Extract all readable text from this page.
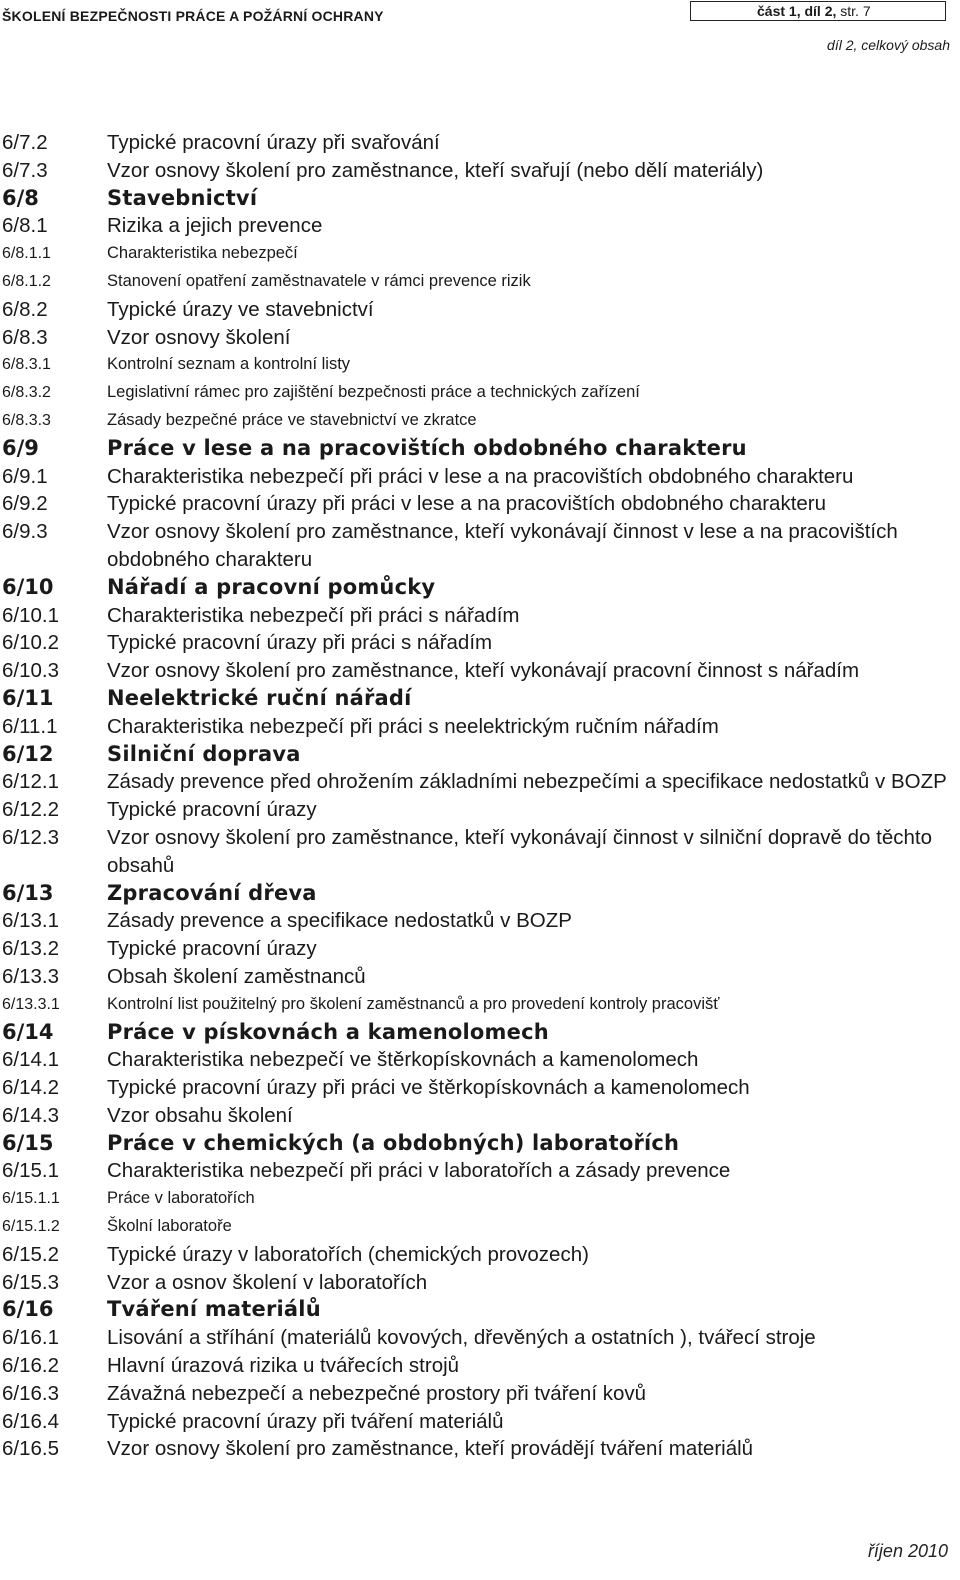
ŠKOLENÍ BEZPEČNOSTI PRÁCE A POŽÁRNÍ OCHRANY	část 1, díl 2, str. 7
díl 2, celkový obsah
6/7.2	Typické pracovní úrazy při svařování
6/7.3	Vzor osnovy školení pro zaměstnance, kteří svařují (nebo dělí materiály)
6/8	Stavebnictví
6/8.1	Rizika a jejich prevence
6/8.1.1	Charakteristika nebezpečí
6/8.1.2	Stanovení opatření zaměstnavatele v rámci prevence rizik
6/8.2	Typické úrazy ve stavebnictví
6/8.3	Vzor osnovy školení
6/8.3.1	Kontrolní seznam a kontrolní listy
6/8.3.2	Legislativní rámec pro zajištění bezpečnosti práce a technických zařízení
6/8.3.3	Zásady bezpečné práce ve stavebnictví ve zkratce
6/9	Práce v lese a na pracovištích obdobného charakteru
6/9.1	Charakteristika nebezpečí při práci v lese a na pracovištích obdobného charakteru
6/9.2	Typické pracovní úrazy při práci v lese a na pracovištích obdobného charakteru
6/9.3	Vzor osnovy školení pro zaměstnance, kteří vykonávají činnost v lese a na pracovištích obdobného charakteru
6/10	Nářadí a pracovní pomůcky
6/10.1	Charakteristika nebezpečí při práci s nářadím
6/10.2	Typické pracovní úrazy při práci s nářadím
6/10.3	Vzor osnovy školení pro zaměstnance, kteří vykonávají pracovní činnost s nářadím
6/11	Neelektrické ruční nářadí
6/11.1	Charakteristika nebezpečí při práci s neelektrickým ručním nářadím
6/12	Silniční doprava
6/12.1	Zásady prevence před ohrožením základními nebezpečími a specifikace nedostatků v BOZP
6/12.2	Typické pracovní úrazy
6/12.3	Vzor osnovy školení pro zaměstnance, kteří vykonávají činnost v silniční dopravě do těchto obsahů
6/13	Zpracování dřeva
6/13.1	Zásady prevence a specifikace nedostatků v BOZP
6/13.2	Typické pracovní úrazy
6/13.3	Obsah školení zaměstnanců
6/13.3.1	Kontrolní list použitelný pro školení zaměstnanců a pro provedení kontroly pracovišť
6/14	Práce v pískovnách a kamenolomech
6/14.1	Charakteristika nebezpečí ve štěrkopískovnách a kamenolomech
6/14.2	Typické pracovní úrazy při práci ve štěrkopískovnách a kamenolomech
6/14.3	Vzor obsahu školení
6/15	Práce v chemických (a obdobných) laboratořích
6/15.1	Charakteristika nebezpečí při práci v laboratořích a zásady prevence
6/15.1.1	Práce v laboratořích
6/15.1.2	Školní laboratoře
6/15.2	Typické úrazy v laboratořích (chemických provozech)
6/15.3	Vzor a osnov školení v laboratořích
6/16	Tváření materiálů
6/16.1	Lisování a stříhání (materiálů kovových, dřevěných a ostatních ), tvářecí stroje
6/16.2	Hlavní úrazová rizika u tvářecích strojů
6/16.3	Závažná nebezpečí a nebezpečné prostory při tváření kovů
6/16.4	Typické pracovní úrazy při tváření materiálů
6/16.5	Vzor osnovy školení pro zaměstnance, kteří provádějí tváření materiálů
říjen 2010
